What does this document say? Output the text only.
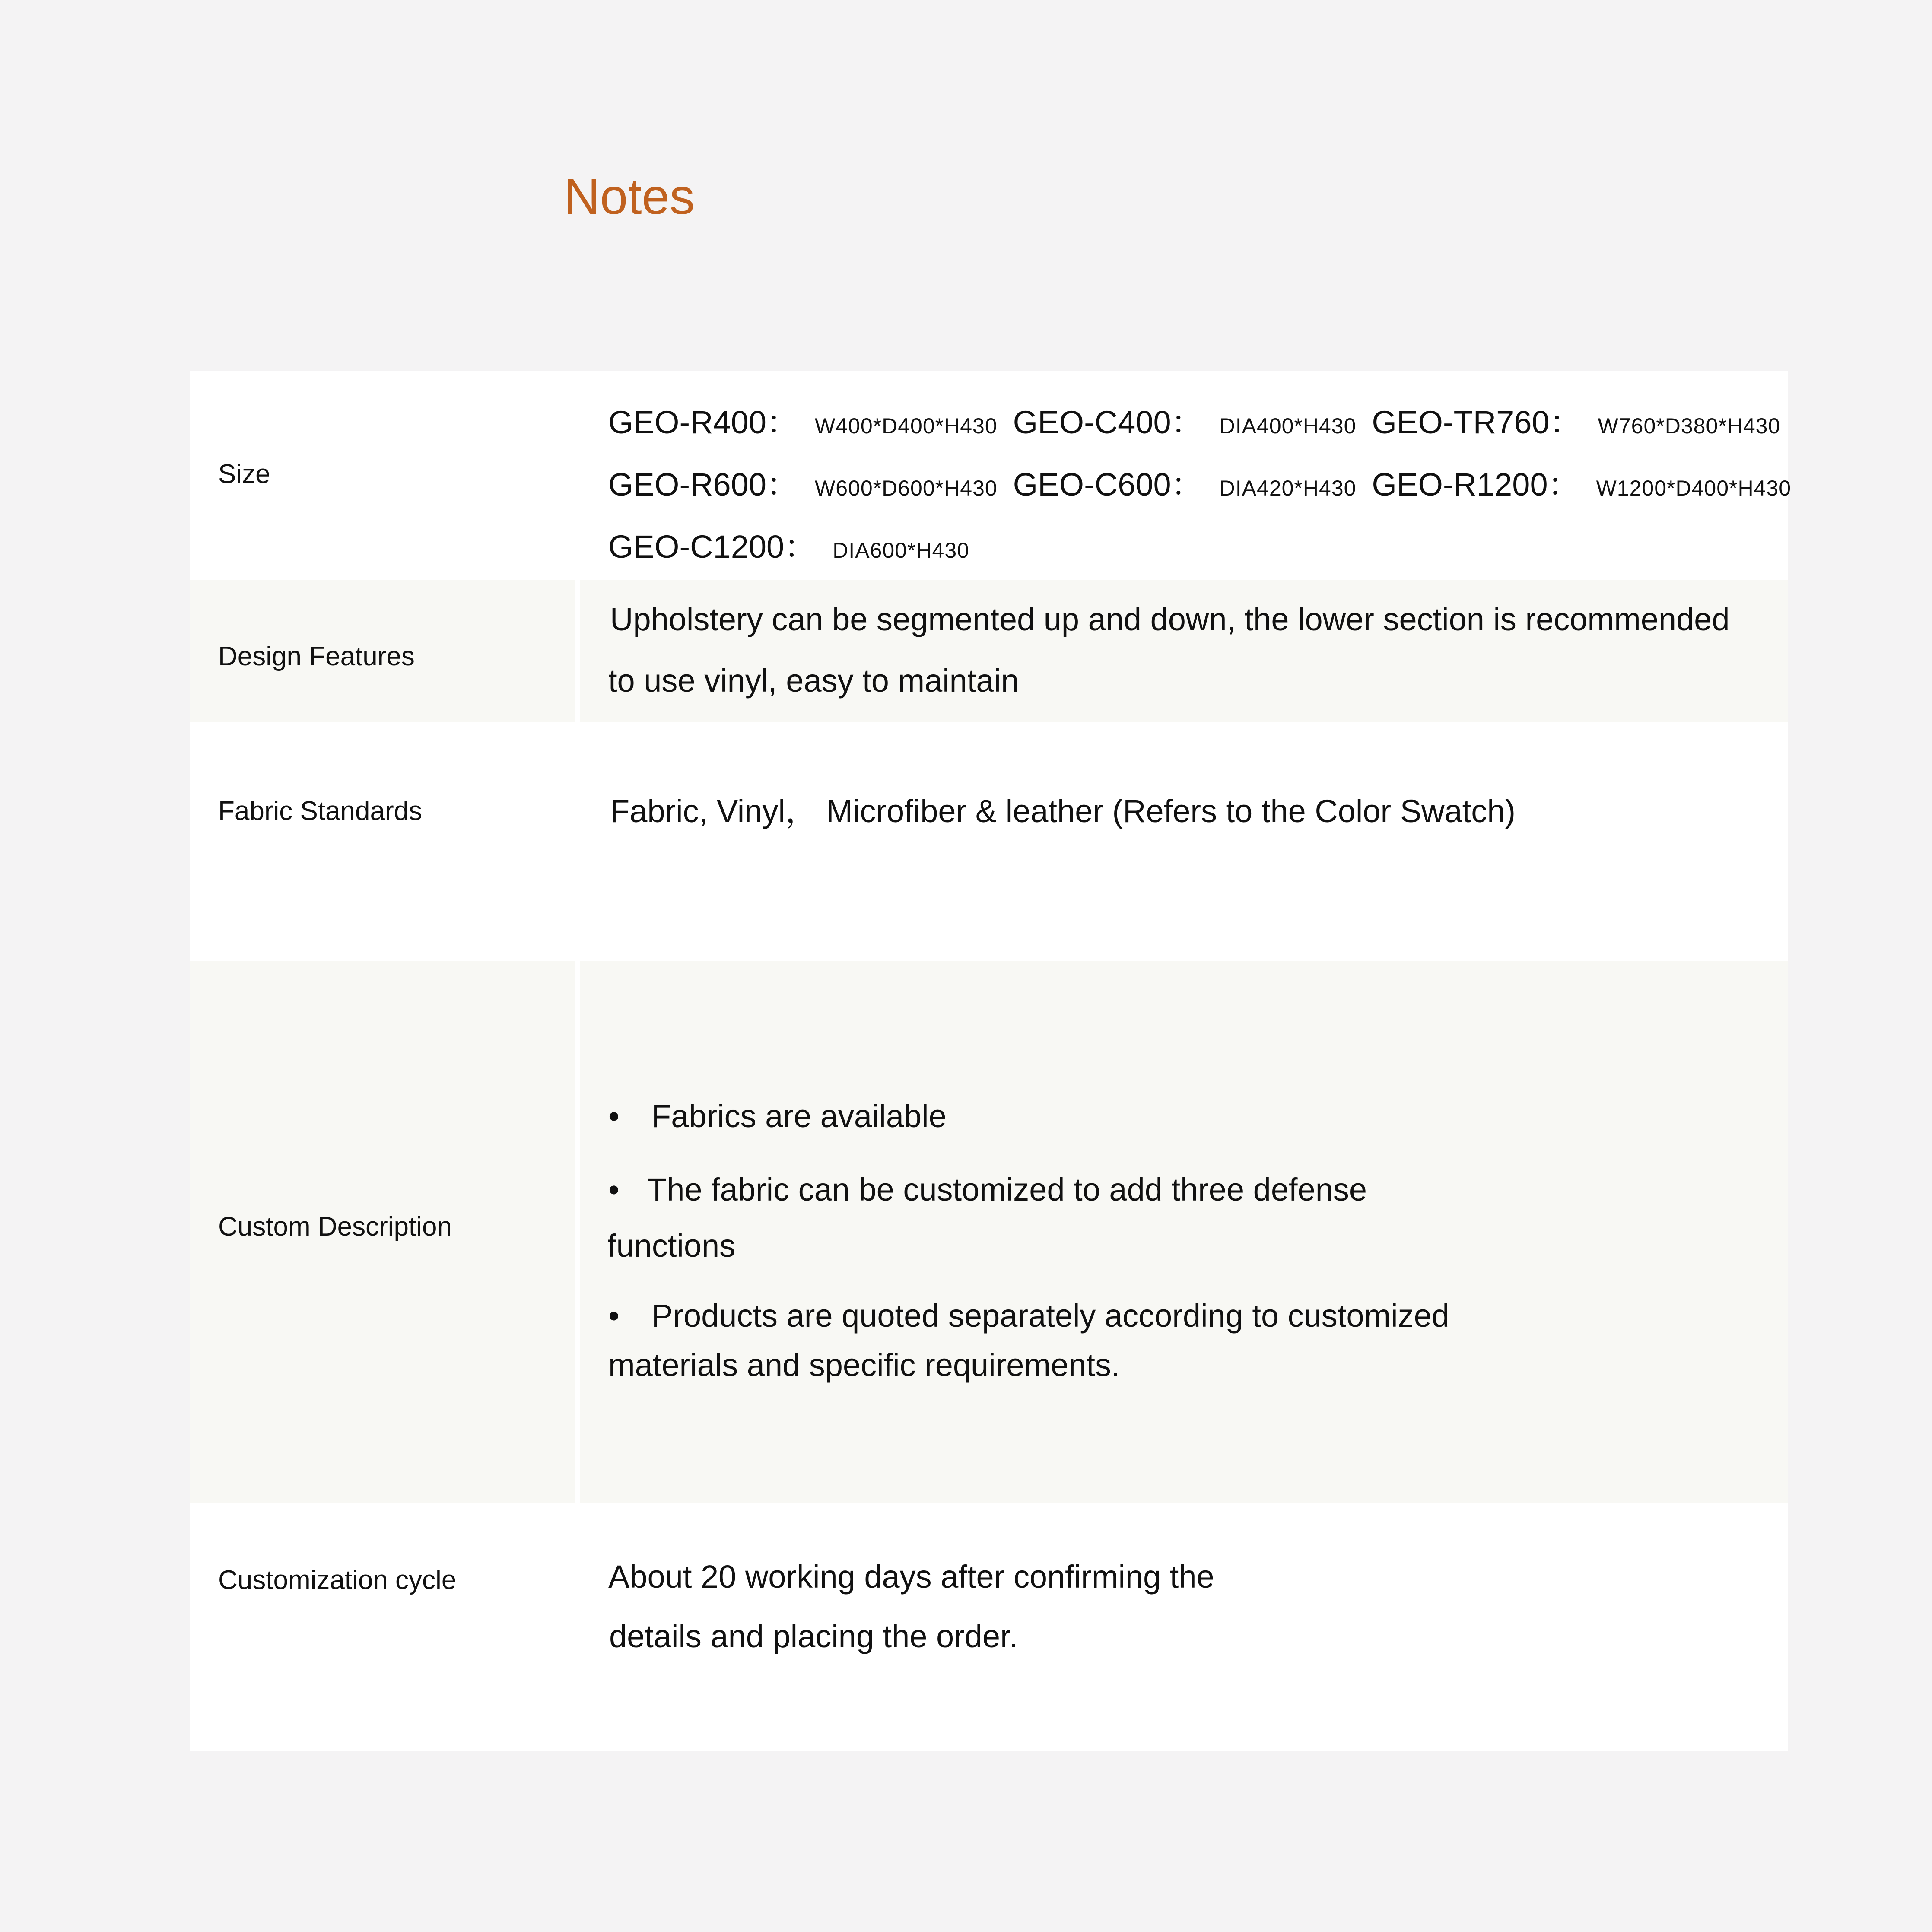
Notes
Size
GEO-R400： W400*D400*H430 GEO-C400： DIA400*H430 GEO-TR760： W760*D380*H430
GEO-R600： W600*D600*H430 GEO-C600： DIA420*H430 GEO-R1200： W1200*D400*H430
GEO-C1200： DIA600*H430
Design Features
Upholstery can be segmented up and down, the lower section is recommended
to use vinyl, easy to maintain
Fabric Standards	Fabric, Vinyl， Microfiber & leather (Refers to the Color Swatch)
Custom Description
• Fabrics are available
• The fabric can be customized to add three defense
functions
• Products are quoted separately according to customized
materials and specific requirements.
Customization cycle	About 20 working days after confirming the
details and placing the order.
